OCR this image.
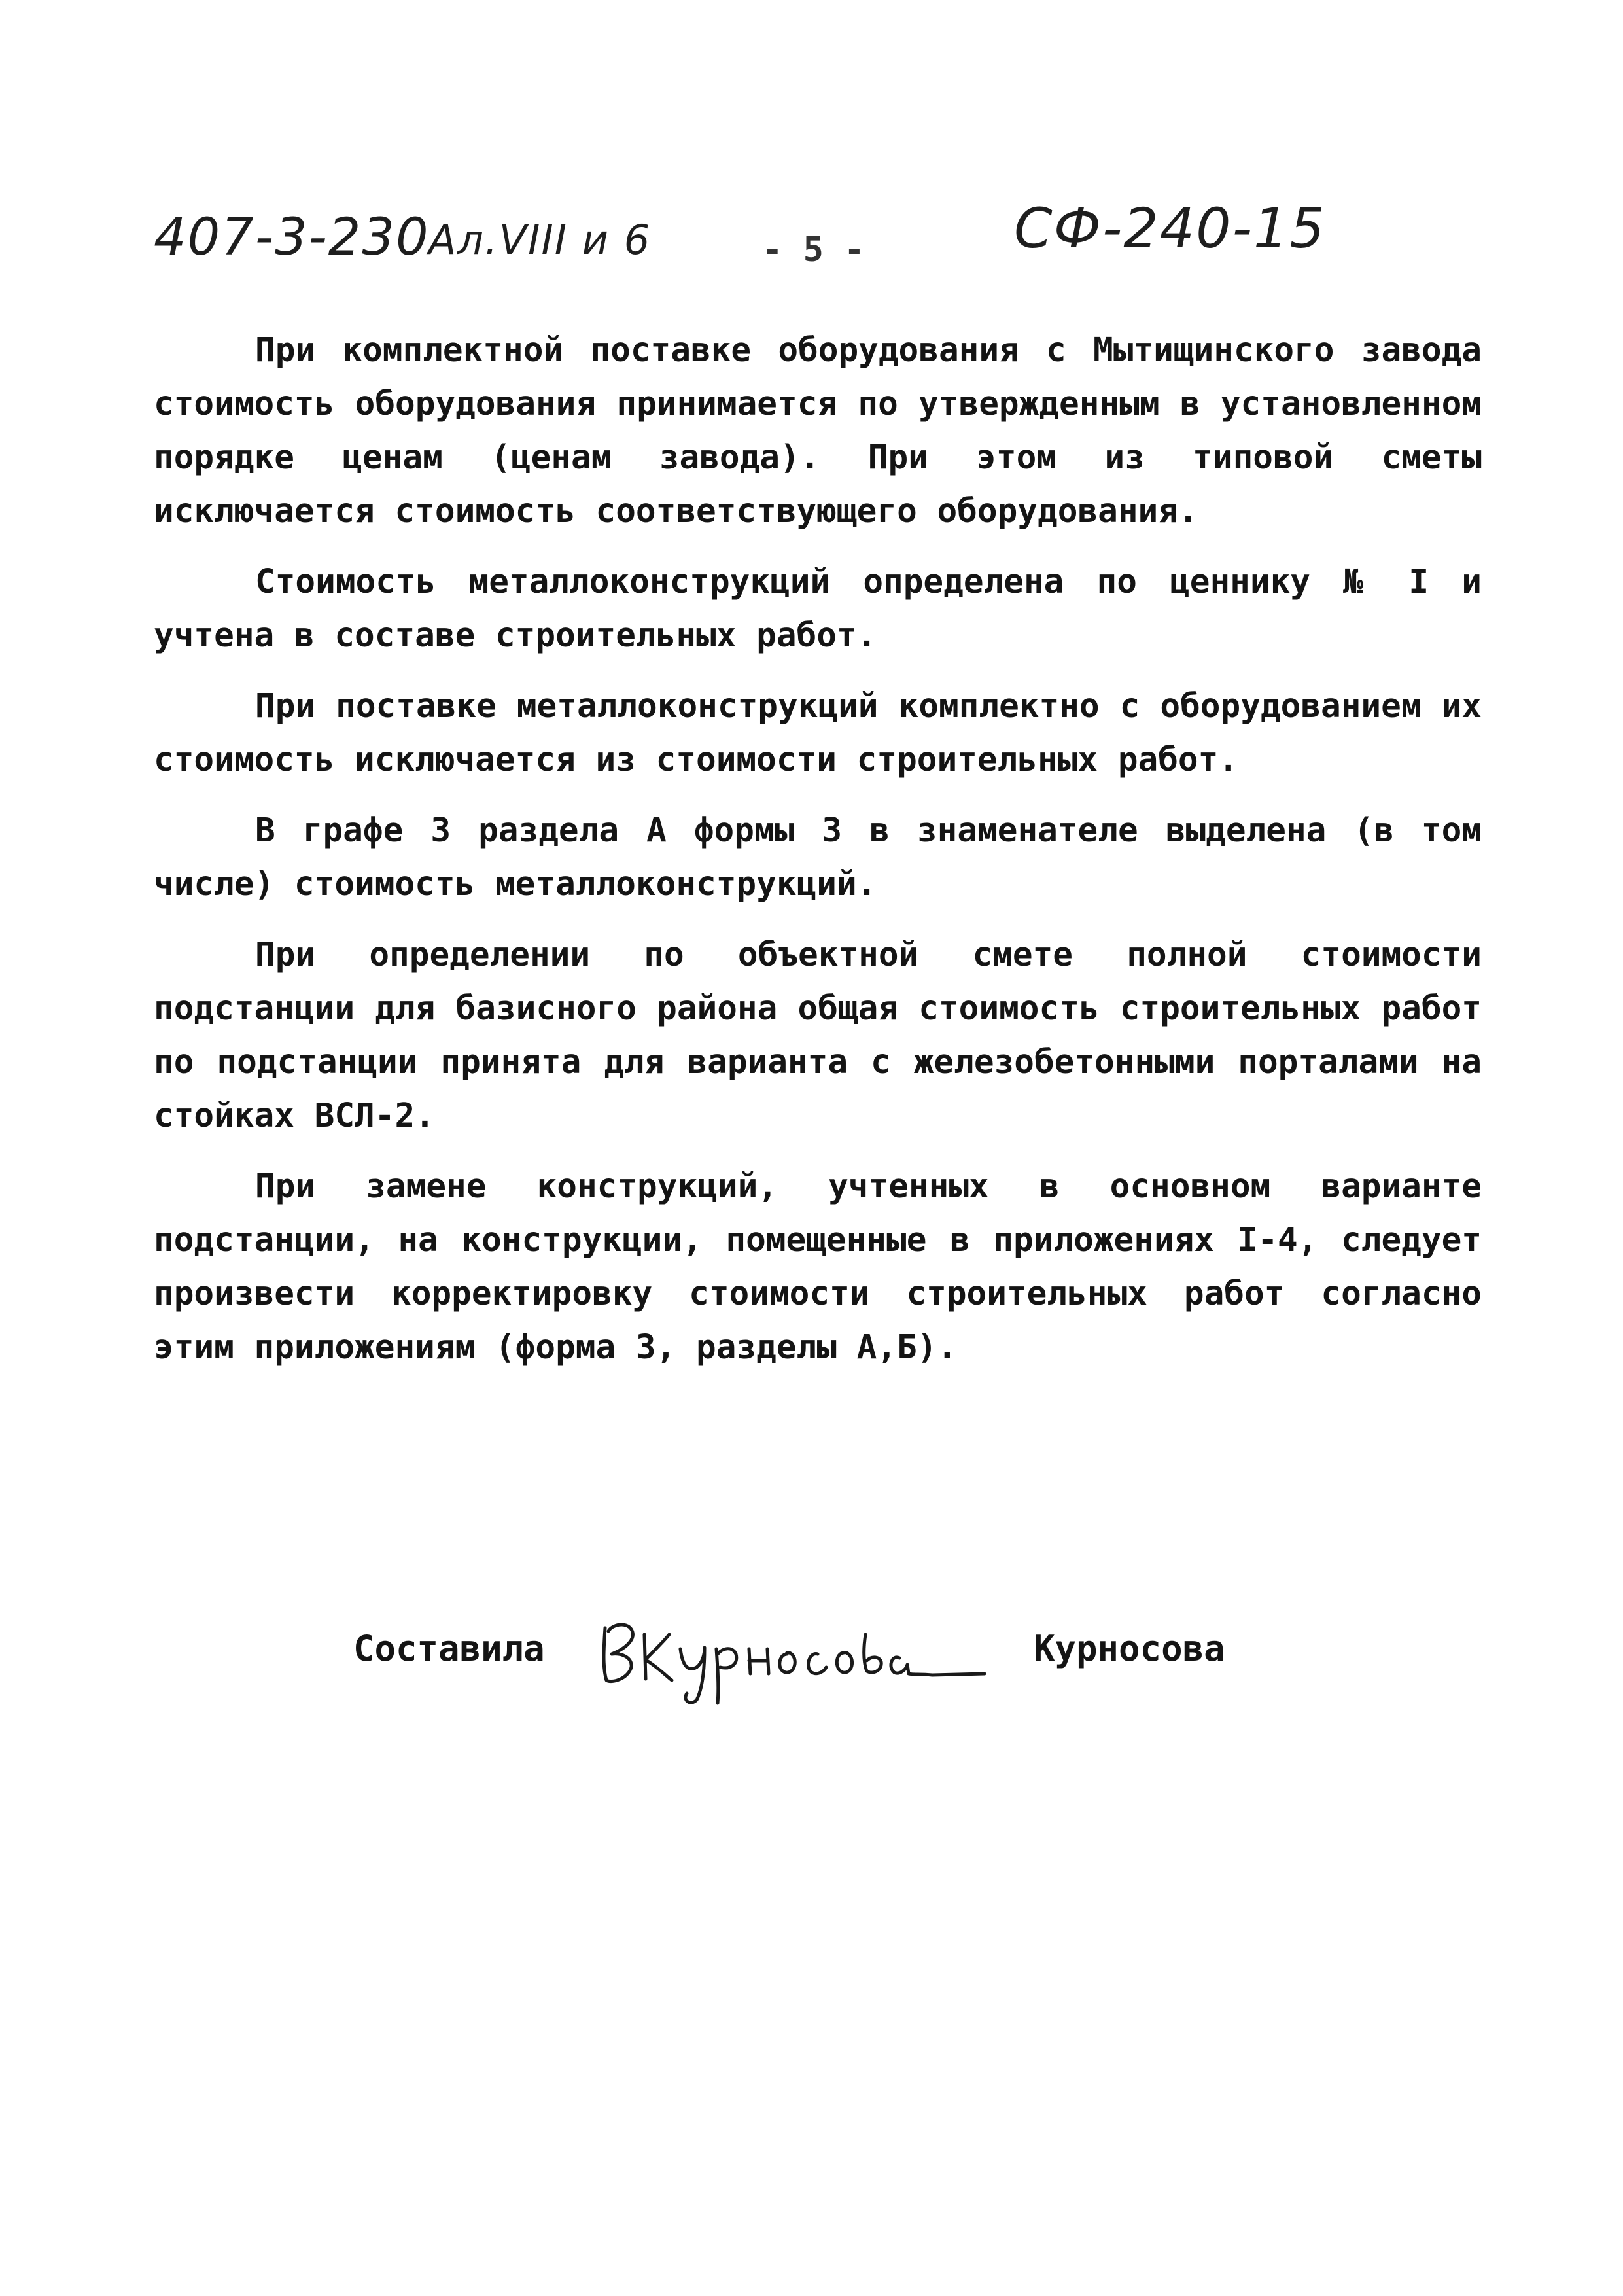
407-3-230
Ал.VIII и 6	- 5 -	СФ-240-15

При комплектной поставке оборудования с Мытищинского завода стоимость оборудования принимается по утвержденным в установленном порядке ценам (ценам завода). При этом из типовой сметы исключается стоимость соответствующего оборудования.

Стоимость металлоконструкций определена по ценнику № I и учтена в составе строительных работ.

При поставке металлоконструкций комплектно с оборудованием их стоимость исключается из стоимости строительных работ.

В графе 3 раздела А формы 3 в знаменателе выделена (в том числе) стоимость металлоконструкций.

При определении по объектной смете полной стоимости подстанции для базисного района общая стоимость строительных работ по подстанции принята для варианта с железобетонными порталами на стойках ВСЛ-2.

При замене конструкций, учтенных в основном варианте подстанции, на конструкции, помещенные в приложениях I-4, следует произвести корректировку стоимости строительных работ согласно этим приложениям (форма 3, разделы А,Б).

Составила	Курносова
